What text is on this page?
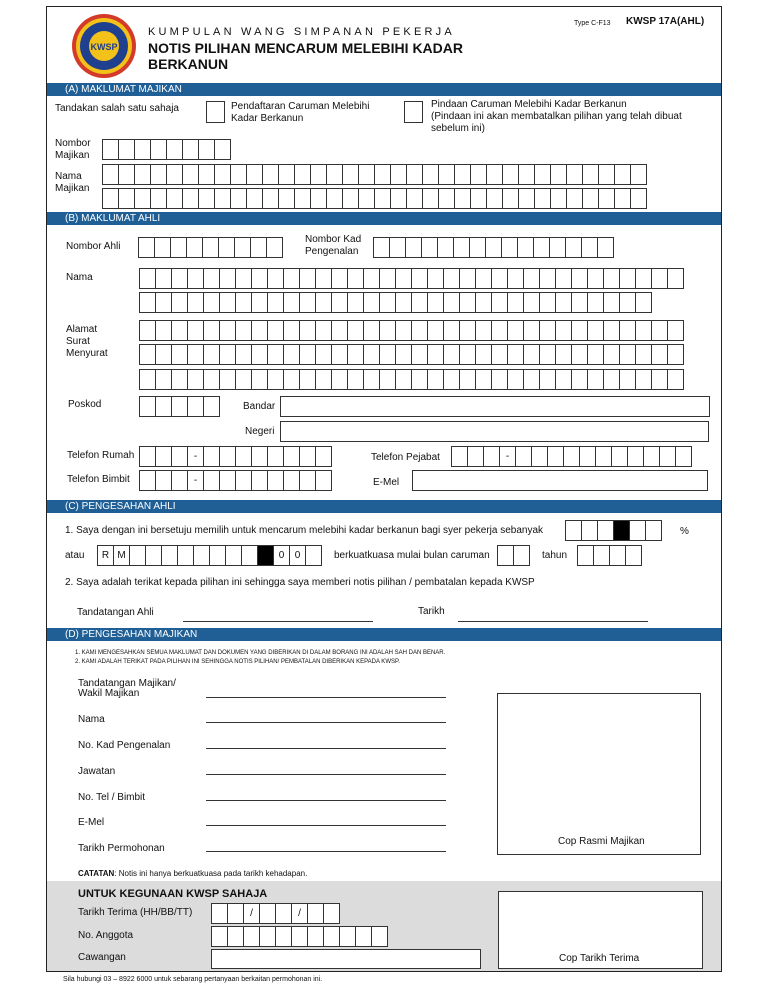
KWSP
KUMPULAN WANG SIMPANAN PEKERJA
NOTIS PILIHAN MENCARUM MELEBIHI KADAR
BERKANUN
Type C-F13 KWSP 17A(AHL)
(A) MAKLUMAT MAJIKAN
Tandakan salah satu sahaja	Pendaftaran Caruman Melebihi
Kadar Berkanun
Pindaan Caruman Melebihi Kadar Berkanun
(Pindaan ini akan membatalkan pilihan yang telah dibuat
sebelum ini)
Nombor
Majikan
Nama
Majikan
(B) MAKLUMAT AHLI
Nombor Ahli
Nombor Kad
Pengenalan
Nama
Alamat
Surat
Menyurat
Poskod	Bandar
Negeri
Telefon Rumah	-	Telefon Pejabat	-
Telefon Bimbit	-	E-Mel
(C) PENGESAHAN AHLI
1. Saya dengan ini bersetuju memilih untuk mencarum melebihi kadar berkanun bagi syer pekerja sebanyak	%
atau	R M	0	0	berkuatkuasa mulai bulan caruman	tahun
2. Saya adalah terikat kepada pilihan ini sehingga saya memberi notis pilihan / pembatalan kepada KWSP
Tandatangan Ahli	Tarikh
(D) PENGESAHAN MAJIKAN
1. KAMI MENGESAHKAN SEMUA MAKLUMAT DAN DOKUMEN YANG DIBERIKAN DI DALAM BORANG INI ADALAH SAH DAN BENAR.
2. KAMI ADALAH TERIKAT PADA PILIHAN INI SEHINGGA NOTIS PILIHAN/ PEMBATALAN DIBERIKAN KEPADA KWSP.
Tandatangan Majikan/
Wakil Majikan
Nama
No. Kad Pengenalan
Jawatan
No. Tel / Bimbit
E-Mel
Tarikh Permohonan
Cop Rasmi Majikan
CATATAN: Notis ini hanya berkuatkuasa pada tarikh kehadapan.
UNTUK KEGUNAAN KWSP SAHAJA
Tarikh Terima (HH/BB/TT)	/	/
No. Anggota
Cawangan	Cop Tarikh Terima
Sila hubungi 03 – 8922 6000 untuk sebarang pertanyaan berkaitan permohonan ini.
